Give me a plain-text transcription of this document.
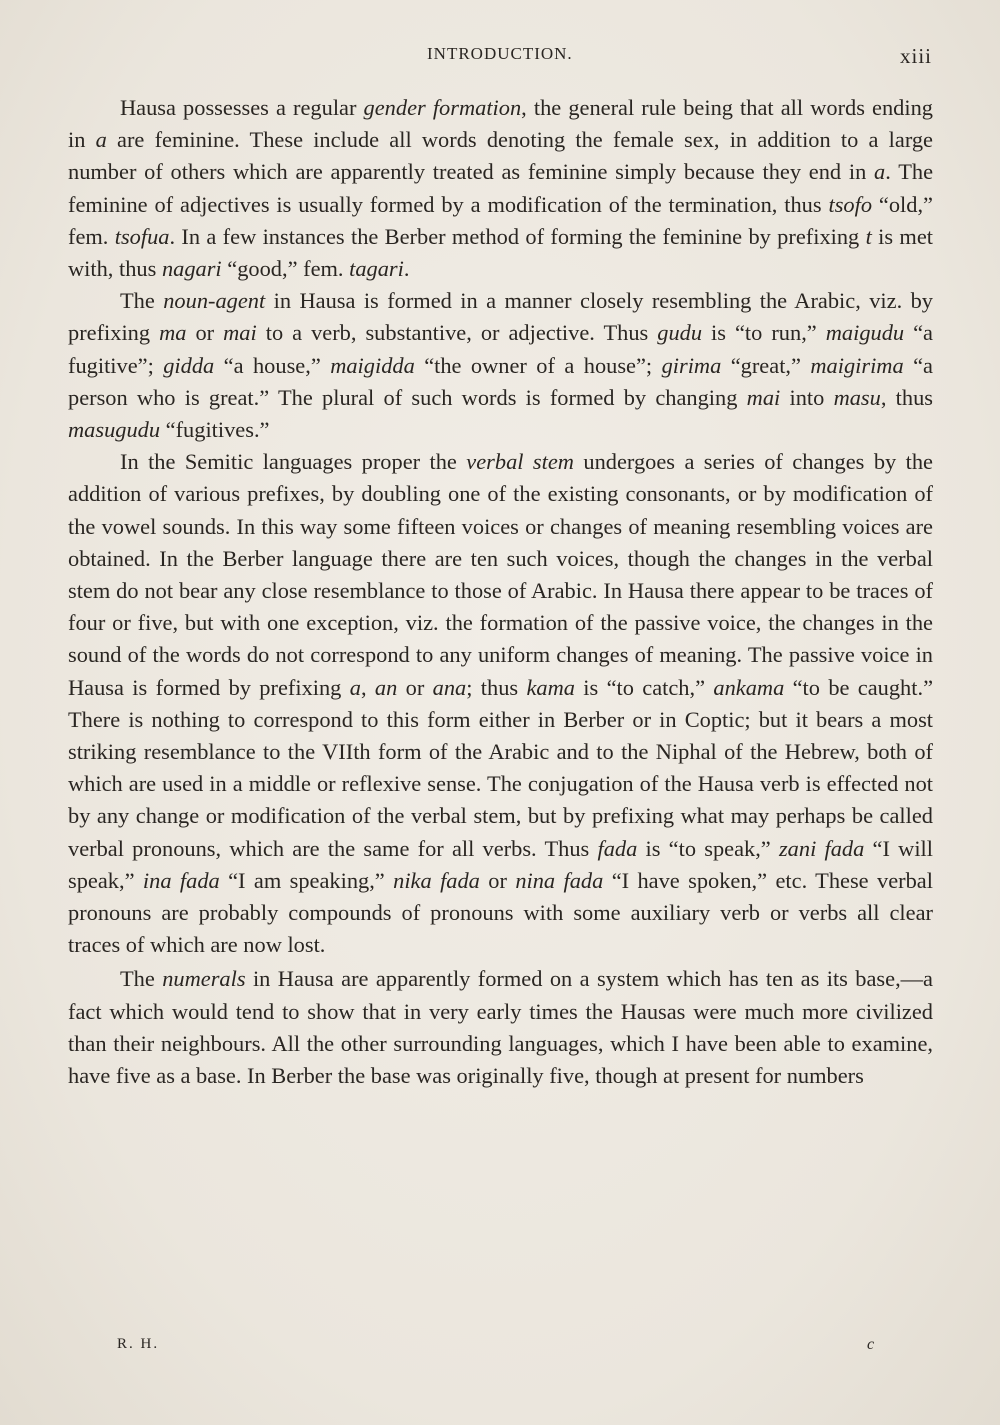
INTRODUCTION.	xiii

Hausa possesses a regular gender formation, the general rule being that all words ending in a are feminine. These include all words denoting the female sex, in addition to a large number of others which are apparently treated as feminine simply because they end in a. The feminine of adjectives is usually formed by a modification of the termination, thus tsofo “old,” fem. tsofua. In a few instances the Berber method of forming the feminine by prefixing t is met with, thus nagari “good,” fem. tagari.

The noun-agent in Hausa is formed in a manner closely resembling the Arabic, viz. by prefixing ma or mai to a verb, substantive, or adjective. Thus gudu is “to run,” maigudu “a fugitive”; gidda “a house,” maigidda “the owner of a house”; girima “great,” maigirima “a person who is great.” The plural of such words is formed by changing mai into masu, thus masugudu “fugitives.”

In the Semitic languages proper the verbal stem undergoes a series of changes by the addition of various prefixes, by doubling one of the existing consonants, or by modification of the vowel sounds. In this way some fifteen voices or changes of meaning resembling voices are obtained. In the Berber language there are ten such voices, though the changes in the verbal stem do not bear any close resemblance to those of Arabic. In Hausa there appear to be traces of four or five, but with one exception, viz. the formation of the passive voice, the changes in the sound of the words do not correspond to any uniform changes of meaning. The passive voice in Hausa is formed by prefixing a, an or ana; thus kama is “to catch,” ankama “to be caught.” There is nothing to correspond to this form either in Berber or in Coptic; but it bears a most striking resemblance to the VIIth form of the Arabic and to the Niphal of the Hebrew, both of which are used in a middle or reflexive sense. The conjugation of the Hausa verb is effected not by any change or modification of the verbal stem, but by prefixing what may perhaps be called verbal pronouns, which are the same for all verbs. Thus fada is “to speak,” zani fada “I will speak,” ina fada “I am speaking,” nika fada or nina fada “I have spoken,” etc. These verbal pronouns are probably compounds of pronouns with some auxiliary verb or verbs all clear traces of which are now lost.

The numerals in Hausa are apparently formed on a system which has ten as its base,—a fact which would tend to show that in very early times the Hausas were much more civilized than their neighbours. All the other surrounding languages, which I have been able to examine, have five as a base. In Berber the base was originally five, though at present for numbers

R. H.	c
